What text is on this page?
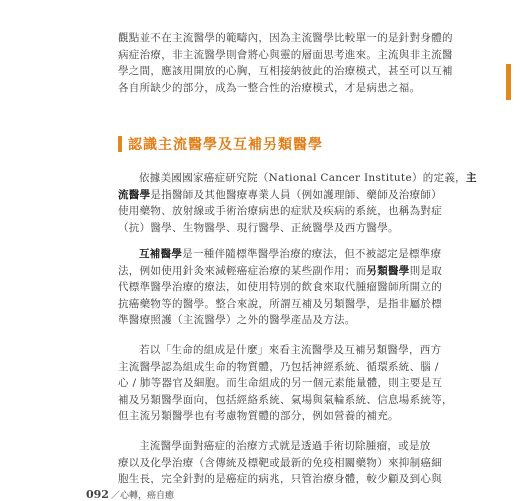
觀點並不在主流醫學的範疇內，因為主流醫學比較單一的是針對身體的
病症治療，非主流醫學則會將心與靈的層面思考進來。主流與非主流醫
學之間，應該用開放的心胸，互相接納彼此的治療模式，甚至可以互補
各自所缺少的部分，成為一整合性的治療模式，才是病患之福。

認識主流醫學及互補另類醫學

依據美國國家癌症研究院（National Cancer Institute）的定義，主
流醫學是指醫師及其他醫療專業人員（例如護理師、藥師及治療師）
使用藥物、放射線或手術治療病患的症狀及疾病的系統，也稱為對症
（抗）醫學、生物醫學、現行醫學、正統醫學及西方醫學。

互補醫學是一種伴隨標準醫學治療的療法，但不被認定是標準療
法，例如使用針灸來減輕癌症治療的某些副作用；而另類醫學則是取
代標準醫學治療的療法，如使用特別的飲食來取代腫瘤醫師所開立的
抗癌藥物等的醫學。整合來說，所謂互補及另類醫學，是指非屬於標
準醫療照護（主流醫學）之外的醫學產品及方法。

若以「生命的組成是什麼」來看主流醫學及互補另類醫學，西方
主流醫學認為組成生命的物質體，乃包括神經系統、循環系統、腦 /
心 / 肺等器官及細胞。而生命組成的另一個元素能量體，則主要是互
補及另類醫學面向，包括經絡系統、氣場與氣輪系統、信息場系統等，
但主流另類醫學也有考慮物質體的部分，例如營養的補充。

主流醫學面對癌症的治療方式就是透過手術切除腫瘤，或是放
療以及化學治療（含傳統及標靶或最新的免疫相關藥物）來抑制癌細
胞生長，完全針對的是癌症的病兆，只管治療身體，較少顧及到心與

092 ／心轉，癌自癒
